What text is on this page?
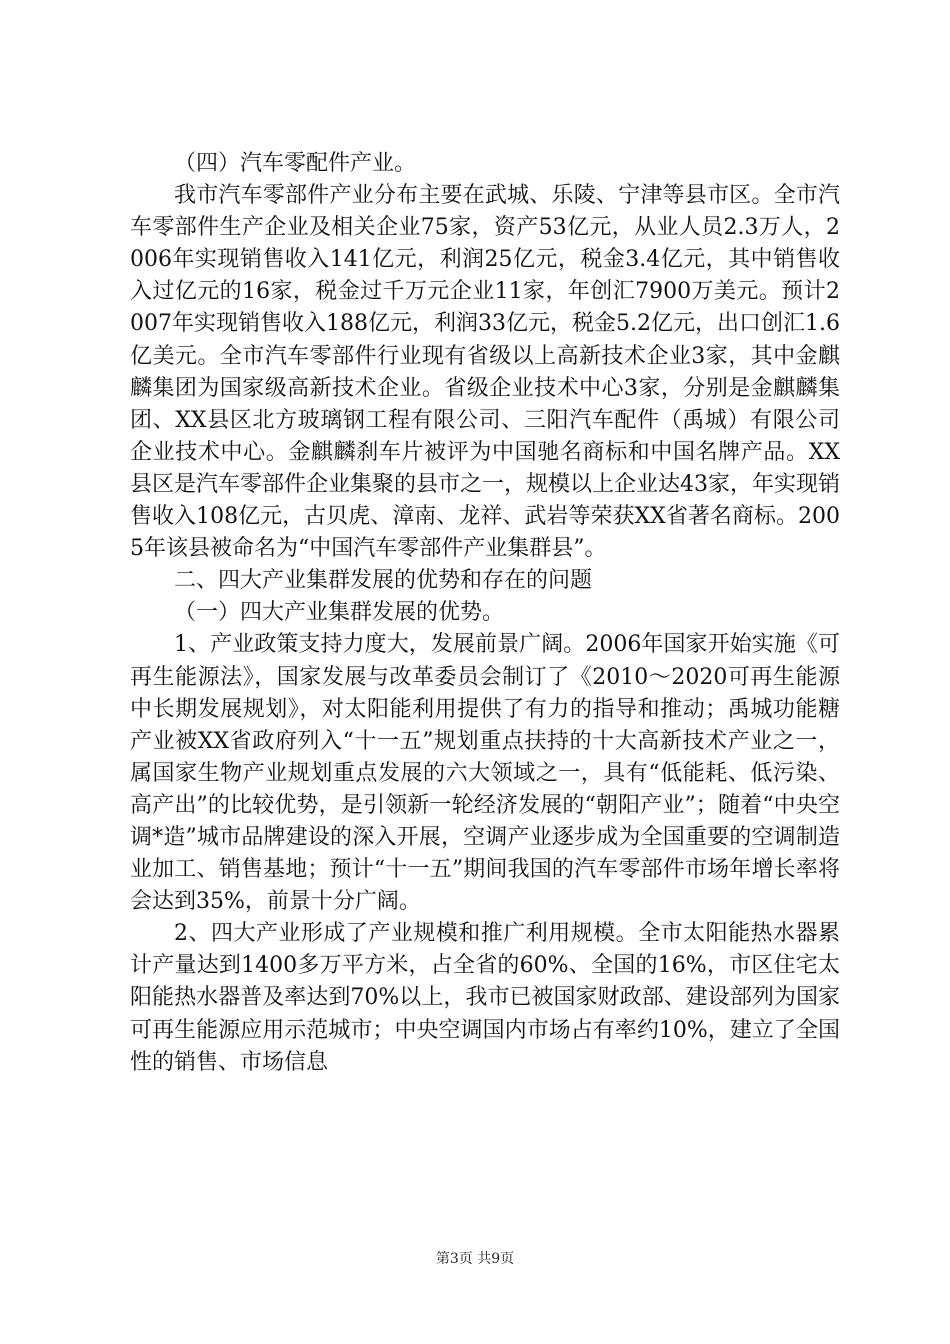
（四）汽车零配件产业。

我市汽车零部件产业分布主要在武城、乐陵、宁津等县市区。全市汽车零部件生产企业及相关企业75家，资产53亿元，从业人员2.3万人，2006年实现销售收入141亿元，利润25亿元，税金3.4亿元，其中销售收入过亿元的16家，税金过千万元企业11家，年创汇7900万美元。预计2007年实现销售收入188亿元，利润33亿元，税金5.2亿元，出口创汇1.6亿美元。全市汽车零部件行业现有省级以上高新技术企业3家，其中金麒麟集团为国家级高新技术企业。省级企业技术中心3家，分别是金麒麟集团、XX县区北方玻璃钢工程有限公司、三阳汽车配件（禹城）有限公司企业技术中心。金麒麟刹车片被评为中国驰名商标和中国名牌产品。XX县区是汽车零部件企业集聚的县市之一，规模以上企业达43家，年实现销售收入108亿元，古贝虎、漳南、龙祥、武岩等荣获XX省著名商标。2005年该县被命名为“中国汽车零部件产业集群县”。

二、四大产业集群发展的优势和存在的问题

（一）四大产业集群发展的优势。

1、产业政策支持力度大，发展前景广阔。2006年国家开始实施《可再生能源法》，国家发展与改革委员会制订了《2010～2020可再生能源中长期发展规划》，对太阳能利用提供了有力的指导和推动；禹城功能糖产业被XX省政府列入“十一五”规划重点扶持的十大高新技术产业之一，属国家生物产业规划重点发展的六大领域之一，具有“低能耗、低污染、高产出”的比较优势，是引领新一轮经济发展的“朝阳产业”；随着“中央空调*造”城市品牌建设的深入开展，空调产业逐步成为全国重要的空调制造业加工、销售基地；预计“十一五”期间我国的汽车零部件市场年增长率将会达到35%，前景十分广阔。

2、四大产业形成了产业规模和推广利用规模。全市太阳能热水器累计产量达到1400多万平方米，占全省的60%、全国的16%，市区住宅太阳能热水器普及率达到70%以上，我市已被国家财政部、建设部列为国家可再生能源应用示范城市；中央空调国内市场占有率约10%，建立了全国性的销售、市场信息

第3页 共9页
